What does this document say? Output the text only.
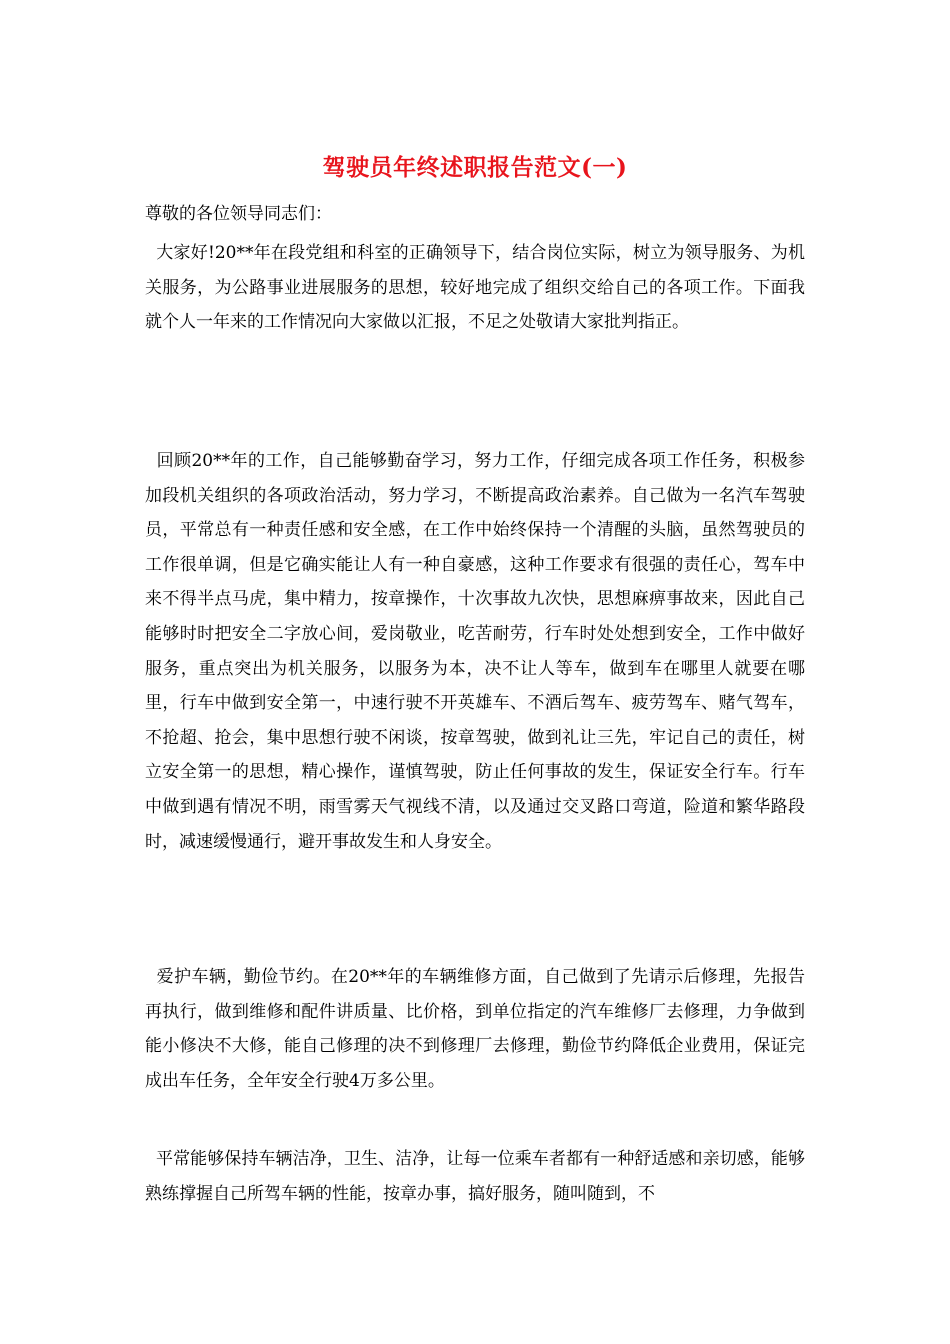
驾驶员年终述职报告范文(一)
尊敬的各位领导同志们：

大家好!20**年在段党组和科室的正确领导下，结合岗位实际，树立为领导服务、为机关服务，为公路事业进展服务的思想，较好地完成了组织交给自己的各项工作。下面我就个人一年来的工作情况向大家做以汇报，不足之处敬请大家批判指正。

回顾20**年的工作，自己能够勤奋学习，努力工作，仔细完成各项工作任务，积极参加段机关组织的各项政治活动，努力学习，不断提高政治素养。自己做为一名汽车驾驶员，平常总有一种责任感和安全感，在工作中始终保持一个清醒的头脑，虽然驾驶员的工作很单调，但是它确实能让人有一种自豪感，这种工作要求有很强的责任心，驾车中来不得半点马虎，集中精力，按章操作，十次事故九次快，思想麻痹事故来，因此自己能够时时把安全二字放心间，爱岗敬业，吃苦耐劳，行车时处处想到安全，工作中做好服务，重点突出为机关服务，以服务为本，决不让人等车，做到车在哪里人就要在哪里，行车中做到安全第一，中速行驶不开英雄车、不酒后驾车、疲劳驾车、赌气驾车，不抢超、抢会，集中思想行驶不闲谈，按章驾驶，做到礼让三先，牢记自己的责任，树立安全第一的思想，精心操作，谨慎驾驶，防止任何事故的发生，保证安全行车。行车中做到遇有情况不明，雨雪雾天气视线不清，以及通过交叉路口弯道，险道和繁华路段时，减速缓慢通行，避开事故发生和人身安全。

爱护车辆，勤俭节约。在20**年的车辆维修方面，自己做到了先请示后修理，先报告再执行，做到维修和配件讲质量、比价格，到单位指定的汽车维修厂去修理，力争做到能小修决不大修，能自己修理的决不到修理厂去修理，勤俭节约降低企业费用，保证完成出车任务，全年安全行驶4万多公里。

平常能够保持车辆洁净，卫生、洁净，让每一位乘车者都有一种舒适感和亲切感，能够熟练撑握自己所驾车辆的性能，按章办事，搞好服务，随叫随到，不
